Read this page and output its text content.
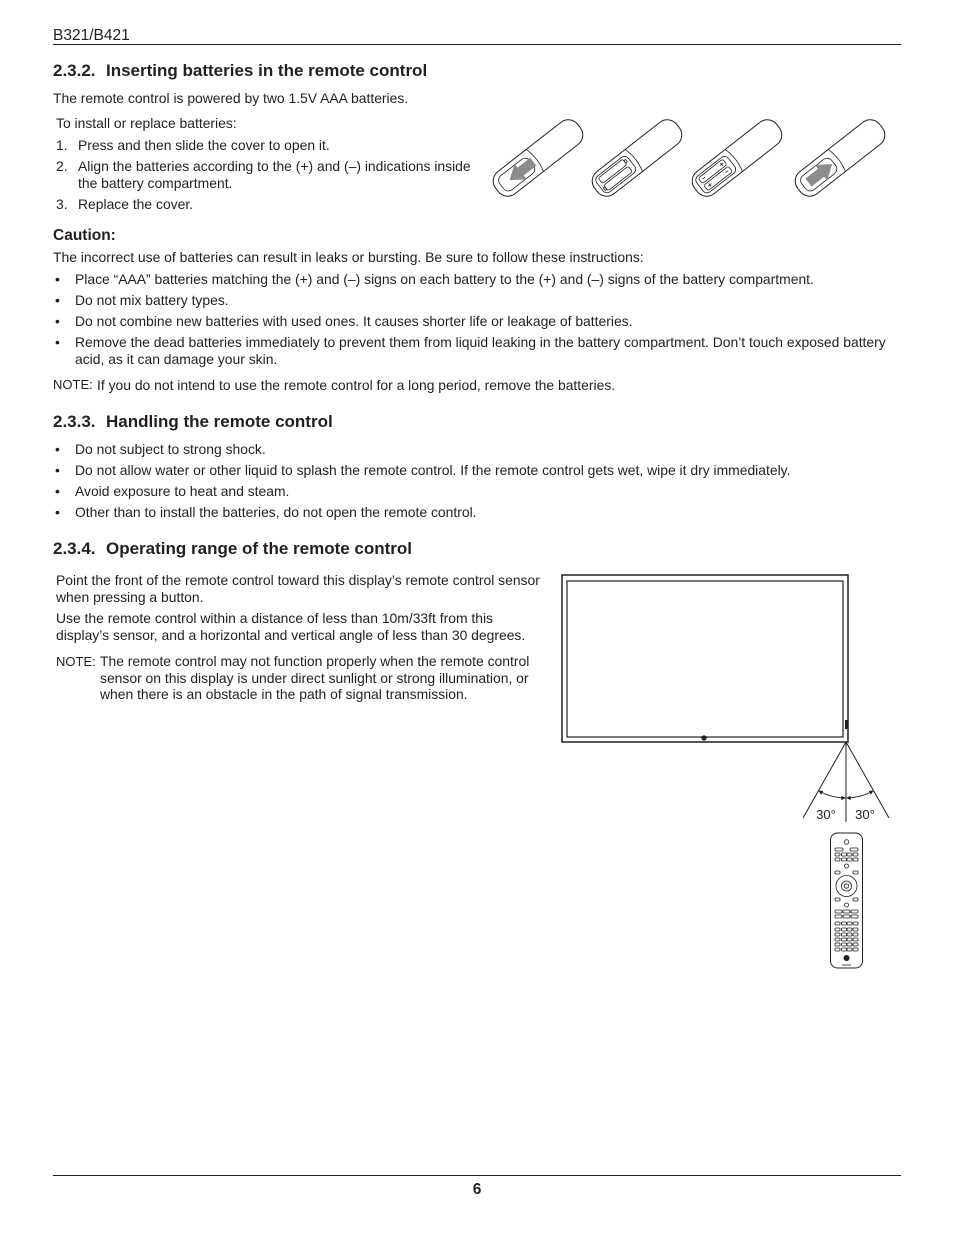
B321/B421
2.3.2. Inserting batteries in the remote control
The remote control is powered by two 1.5V AAA batteries.
To install or replace batteries:
1. Press and then slide the cover to open it.
2. Align the batteries according to the (+) and (–) indications inside
the battery compartment.
3. Replace the cover.
Caution:
The incorrect use of batteries can result in leaks or bursting. Be sure to follow these instructions:
• Place “AAA” batteries matching the (+) and (–) signs on each battery to the (+) and (–) signs of the battery compartment.
• Do not mix battery types.
• Do not combine new batteries with used ones. It causes shorter life or leakage of batteries.
• Remove the dead batteries immediately to prevent them from liquid leaking in the battery compartment. Don’t touch exposed battery
acid, as it can damage your skin.
NOTE: If you do not intend to use the remote control for a long period, remove the batteries.
2.3.3. Handling the remote control
• Do not subject to strong shock.
• Do not allow water or other liquid to splash the remote control. If the remote control gets wet, wipe it dry immediately.
• Avoid exposure to heat and steam.
• Other than to install the batteries, do not open the remote control.
2.3.4. Operating range of the remote control
Point the front of the remote control toward this display’s remote control sensor
when pressing a button.
Use the remote control within a distance of less than 10m/33ft from this
display’s sensor, and a horizontal and vertical angle of less than 30 degrees.
NOTE: The remote control may not function properly when the remote control
sensor on this display is under direct sunlight or strong illumination, or
when there is an obstacle in the path of signal transmission.
30° 30°
6
